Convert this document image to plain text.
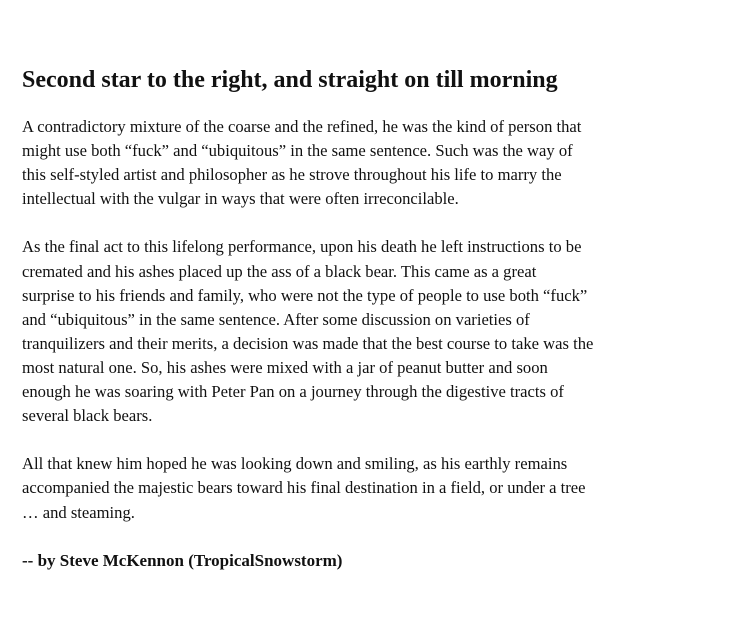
Second star to the right, and straight on till morning
A contradictory mixture of the coarse and the refined, he was the kind of person that
might use both “fuck” and “ubiquitous” in the same sentence. Such was the way of
this self-styled artist and philosopher as he strove throughout his life to marry the
intellectual with the vulgar in ways that were often irreconcilable.
As the final act to this lifelong performance, upon his death he left instructions to be
cremated and his ashes placed up the ass of a black bear. This came as a great
surprise to his friends and family, who were not the type of people to use both “fuck”
and “ubiquitous” in the same sentence. After some discussion on varieties of
tranquilizers and their merits, a decision was made that the best course to take was the
most natural one. So, his ashes were mixed with a jar of peanut butter and soon
enough he was soaring with Peter Pan on a journey through the digestive tracts of
several black bears.
All that knew him hoped he was looking down and smiling, as his earthly remains
accompanied the majestic bears toward his final destination in a field, or under a tree
… and steaming.

-- by Steve McKennon (TropicalSnowstorm)
